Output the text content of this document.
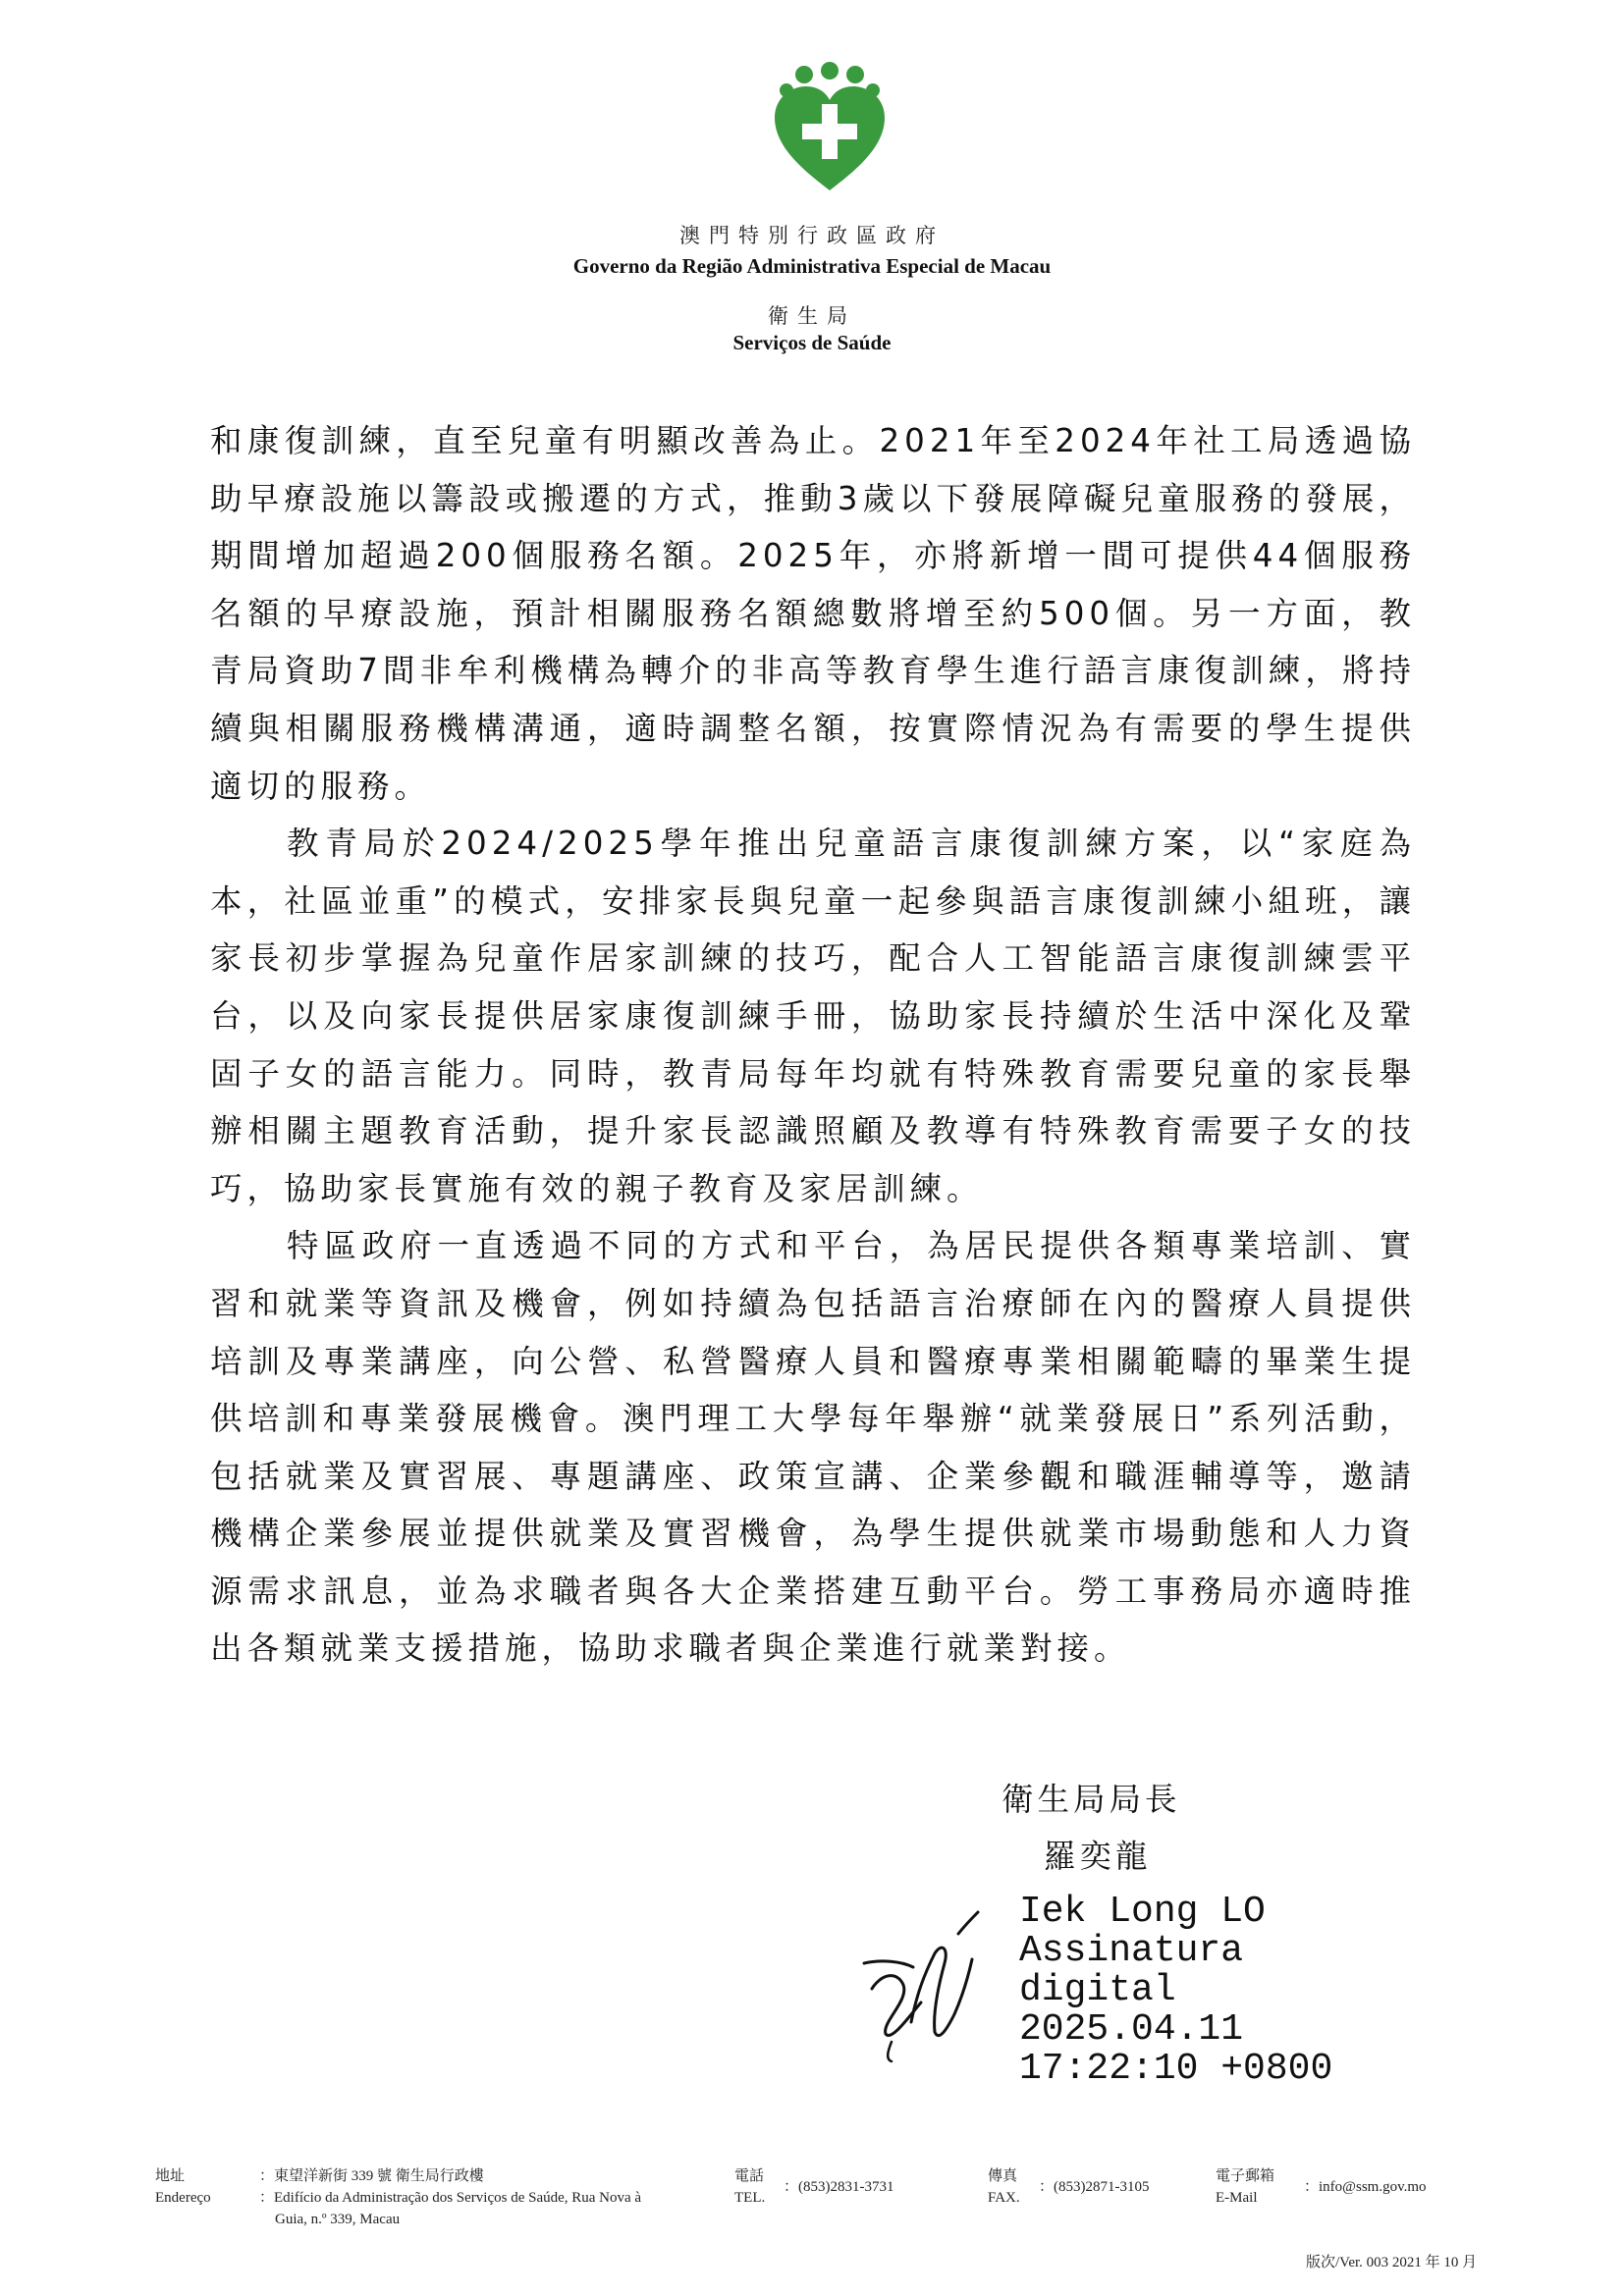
澳門特別行政區政府
Governo da Região Administrativa Especial de Macau
衛生局
Serviços de Saúde

和康復訓練，直至兒童有明顯改善為止。2021年至2024年社工局透過協助早療設施以籌設或搬遷的方式，推動3歲以下發展障礙兒童服務的發展，期間增加超過200個服務名額。2025年，亦將新增一間可提供44個服務名額的早療設施，預計相關服務名額總數將增至約500個。另一方面，教青局資助7間非牟利機構為轉介的非高等教育學生進行語言康復訓練，將持續與相關服務機構溝通，適時調整名額，按實際情況為有需要的學生提供適切的服務。

教青局於2024/2025學年推出兒童語言康復訓練方案，以“家庭為本，社區並重”的模式，安排家長與兒童一起參與語言康復訓練小組班，讓家長初步掌握為兒童作居家訓練的技巧，配合人工智能語言康復訓練雲平台，以及向家長提供居家康復訓練手冊，協助家長持續於生活中深化及鞏固子女的語言能力。同時，教青局每年均就有特殊教育需要兒童的家長舉辦相關主題教育活動，提升家長認識照顧及教導有特殊教育需要子女的技巧，協助家長實施有效的親子教育及家居訓練。

特區政府一直透過不同的方式和平台，為居民提供各類專業培訓、實習和就業等資訊及機會，例如持續為包括語言治療師在內的醫療人員提供培訓及專業講座，向公營、私營醫療人員和醫療專業相關範疇的畢業生提供培訓和專業發展機會。澳門理工大學每年舉辦“就業發展日”系列活動，包括就業及實習展、專題講座、政策宣講、企業參觀和職涯輔導等，邀請機構企業參展並提供就業及實習機會，為學生提供就業市場動態和人力資源需求訊息，並為求職者與各大企業搭建互動平台。勞工事務局亦適時推出各類就業支援措施，協助求職者與企業進行就業對接。

衛生局局長
羅奕龍
Iek Long LO
Assinatura
digital
2025.04.11
17:22:10 +0800
地址
Endereço
：東望洋新街 339 號 衛生局行政樓
：Edifício da Administração dos Serviços de Saúde, Rua Nova à
Guia, n.º 339, Macau
電話
TEL.
：(853)2831-3731
傳真
FAX.
：(853)2871-3105
電子郵箱
E-Mail
：info@ssm.gov.mo
版次/Ver. 003 2021 年 10 月
